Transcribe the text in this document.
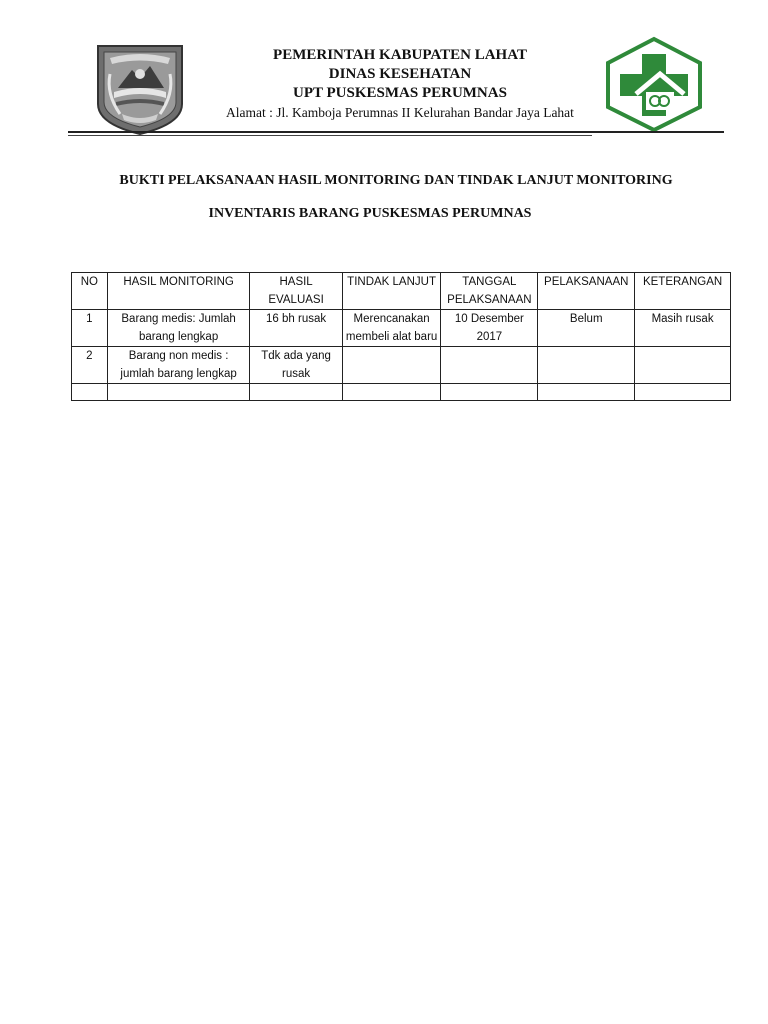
PEMERINTAH KABUPATEN LAHAT
DINAS KESEHATAN
UPT PUSKESMAS PERUMNAS
Alamat : Jl. Kamboja Perumnas II Kelurahan Bandar Jaya Lahat
BUKTI PELAKSANAAN HASIL MONITORING DAN TINDAK LANJUT MONITORING
INVENTARIS BARANG PUSKESMAS PERUMNAS
NO	HASIL MONITORING	HASIL EVALUASI	TINDAK LANJUT	TANGGAL PELAKSANAAN	PELAKSANAAN	KETERANGAN
1	Barang medis: Jumlah barang lengkap	16 bh rusak	Merencanakan membeli alat baru	10 Desember 2017	Belum	Masih rusak
2	Barang non medis : jumlah barang lengkap	Tdk ada yang rusak				
